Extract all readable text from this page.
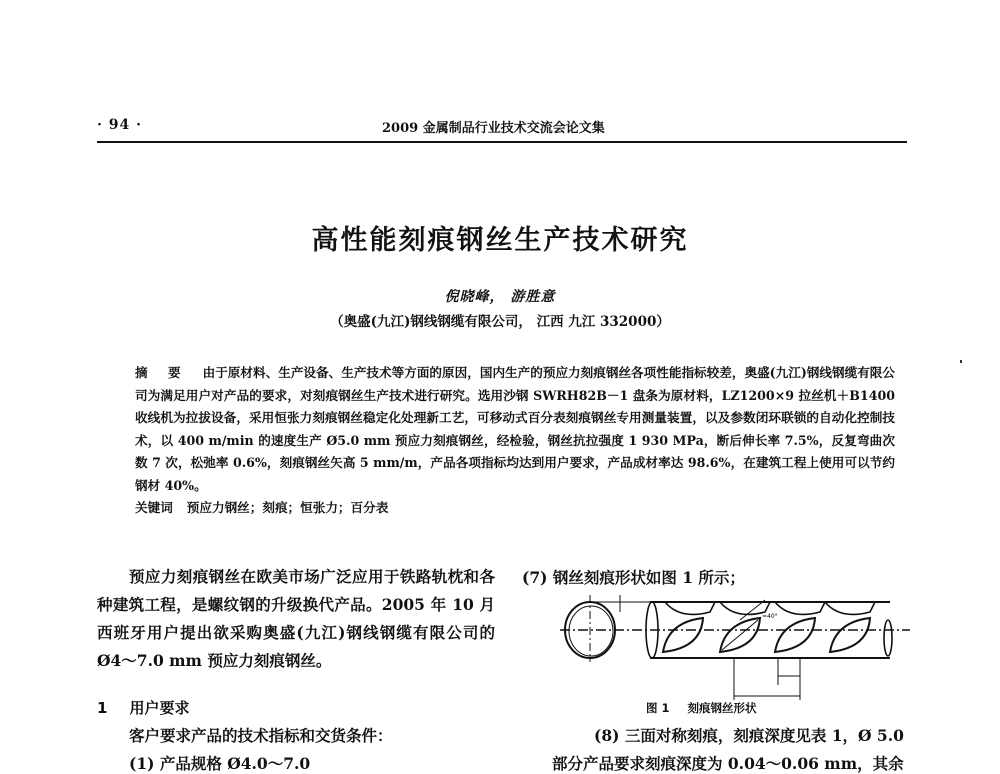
· 94 ·	2009 金属制品行业技术交流会论文集
高性能刻痕钢丝生产技术研究
倪晓峰， 游胜意
（奥盛(九江)钢线钢缆有限公司， 江西 九江 332000）
摘 要 由于原材料、生产设备、生产技术等方面的原因，国内生产的预应力刻痕钢丝各项性能指标较差，奥盛(九江)钢线钢缆有限公司为满足用户对产品的要求，对刻痕钢丝生产技术进行研究。选用沙钢 SWRH82B－1 盘条为原材料，LZ1200×9 拉丝机＋B1400 收线机为拉拔设备，采用恒张力刻痕钢丝稳定化处理新工艺，可移动式百分表刻痕钢丝专用测量装置，以及参数闭环联锁的自动化控制技术，以 400 m/min 的速度生产 Ø5.0 mm 预应力刻痕钢丝，经检验，钢丝抗拉强度 1 930 MPa，断后伸长率 7.5%，反复弯曲次数 7 次，松弛率 0.6%，刻痕钢丝矢高 5 mm/m，产品各项指标均达到用户要求，产品成材率达 98.6%，在建筑工程上使用可以节约钢材 40%。
关键词 预应力钢丝；刻痕；恒张力；百分表

预应力刻痕钢丝在欧美市场广泛应用于铁路轨枕和各种建筑工程，是螺纹钢的升级换代产品。2005 年 10 月西班牙用户提出欲采购奥盛(九江)钢线钢缆有限公司的 Ø4～7.0 mm 预应力刻痕钢丝。

1 用户要求
客户要求产品的技术指标和交货条件：
(1) 产品规格 Ø4.0～7.0
(7) 钢丝刻痕形状如图 1 所示；
≈40°
图 1 刻痕钢丝形状
(8) 三面对称刻痕，刻痕深度见表 1，Ø 5.0
部分产品要求刻痕深度为 0.04～0.06 mm，其余
